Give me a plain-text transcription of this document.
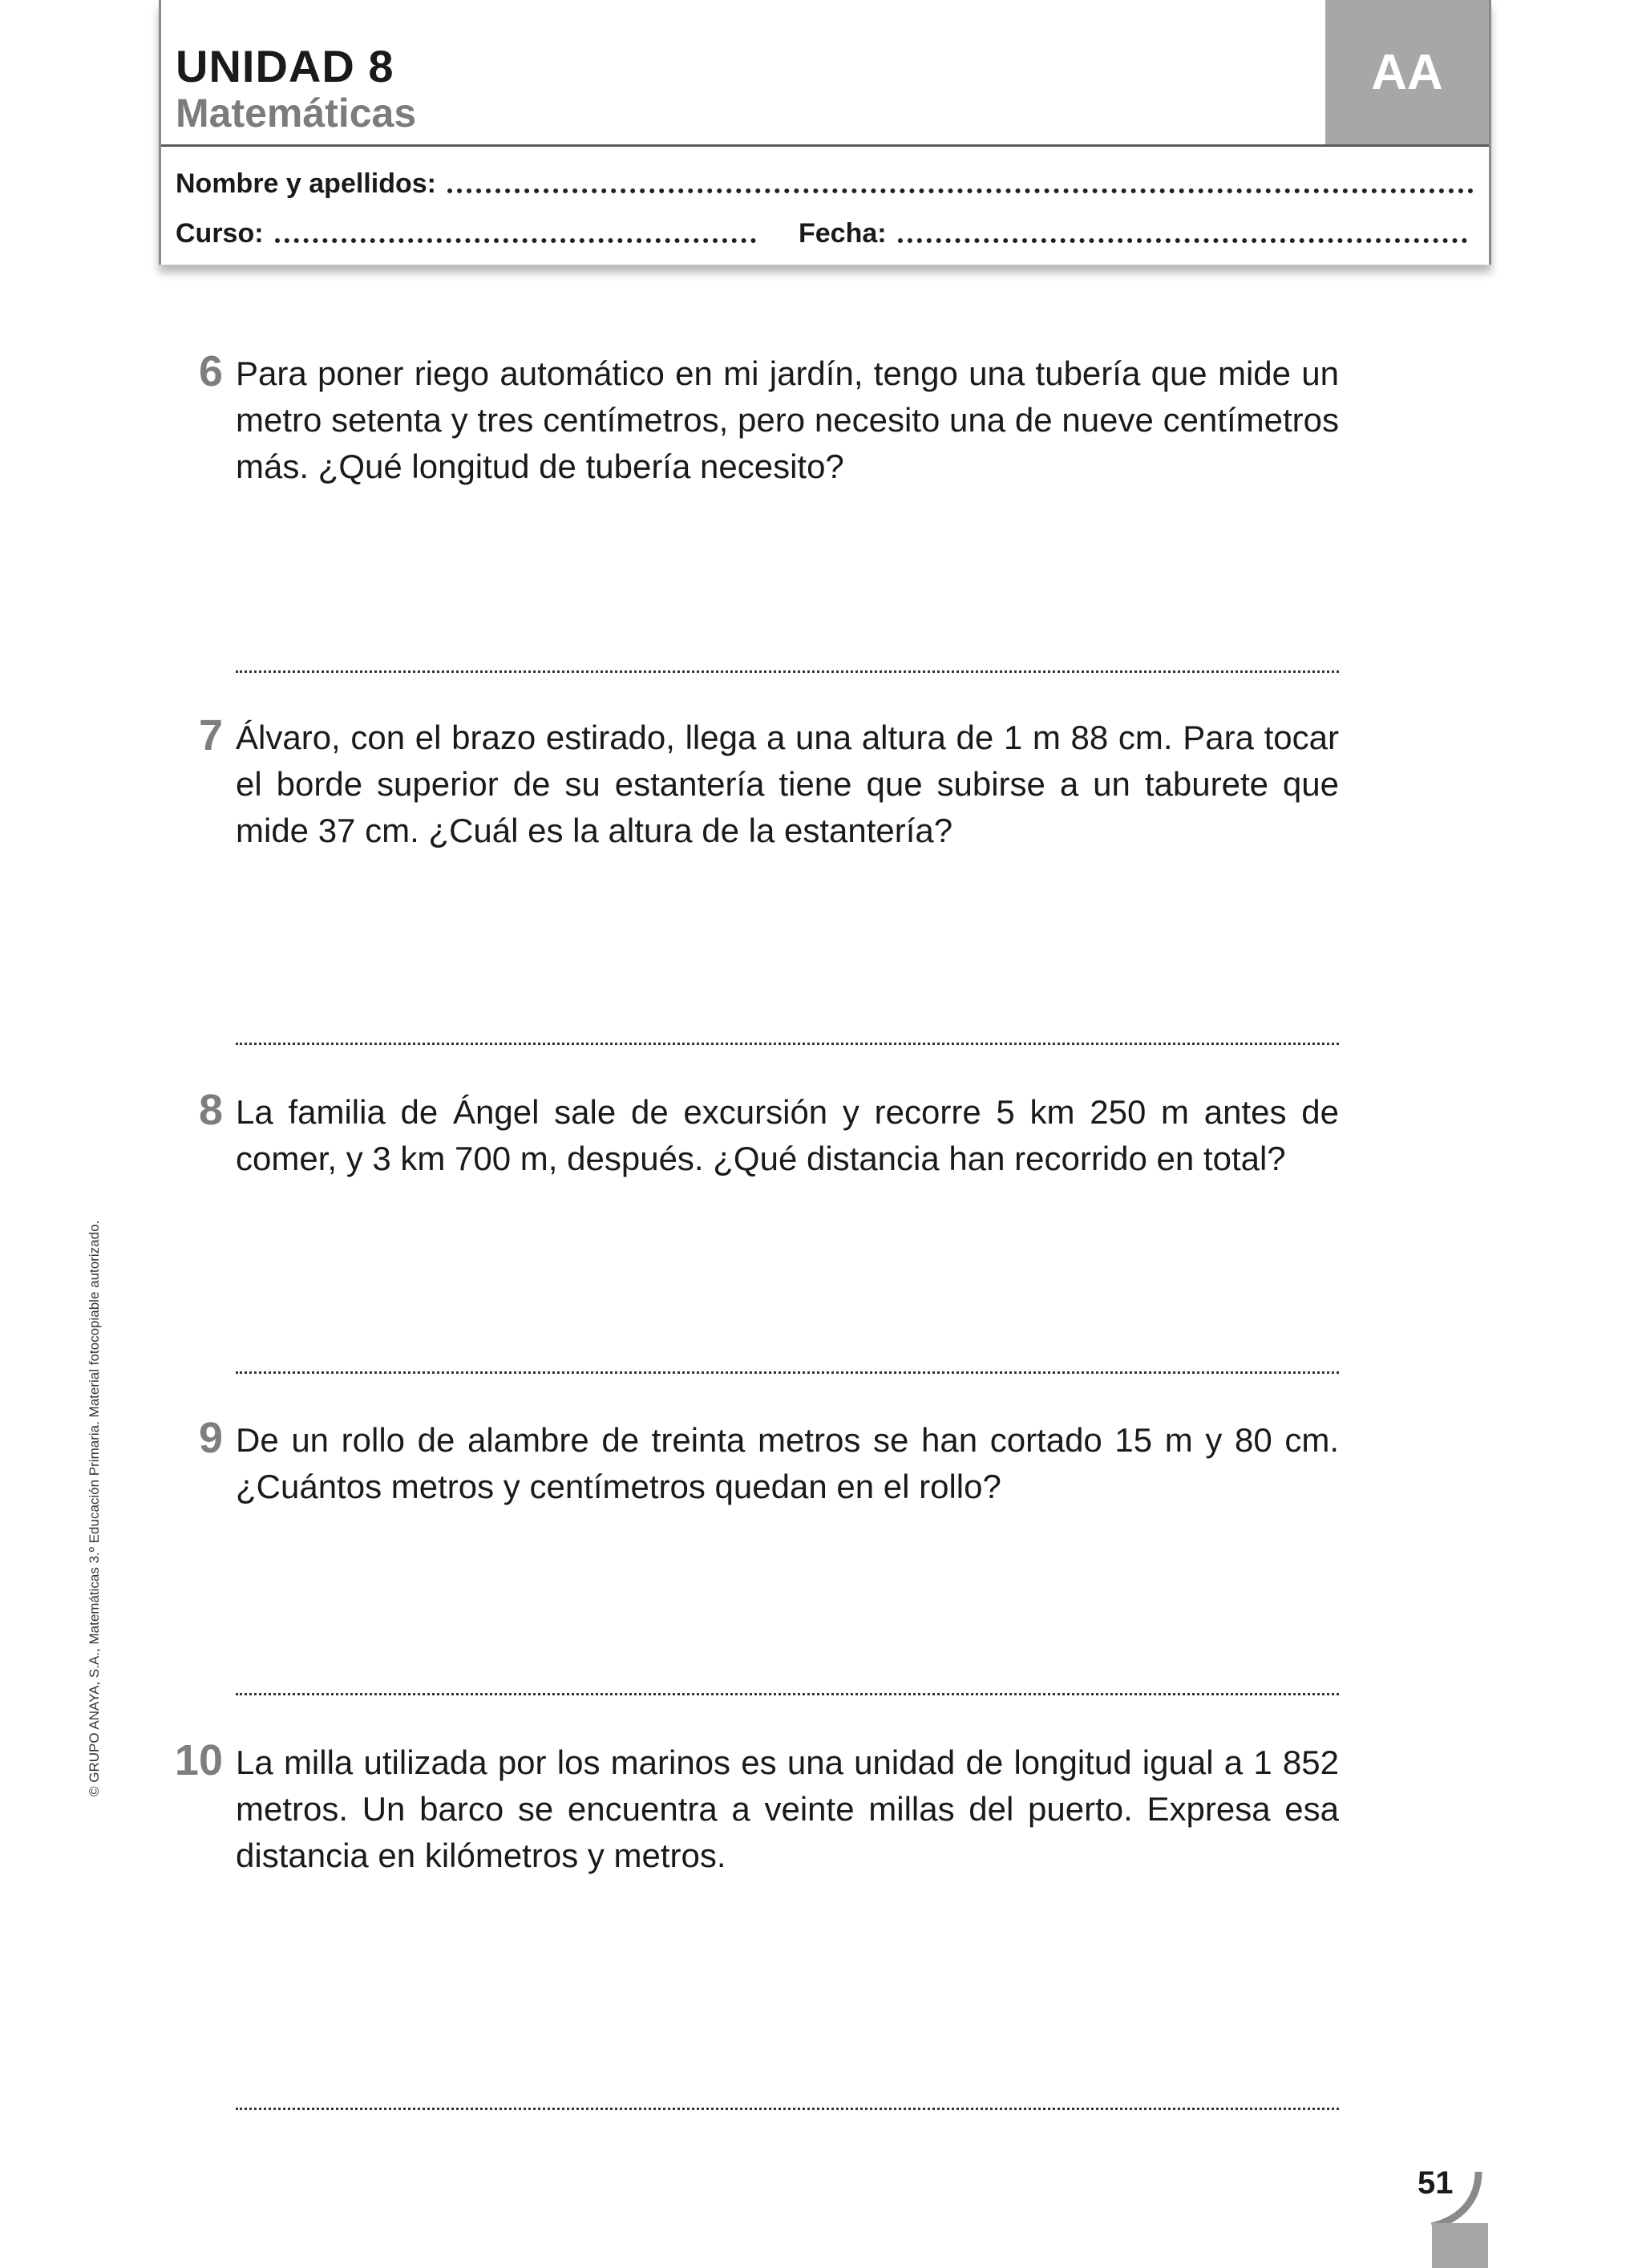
UNIDAD 8
Matemáticas
AA
Nombre y apellidos:
Curso:	Fecha:
6 Para poner riego automático en mi jardín, tengo una tubería que mide un metro setenta y tres centímetros, pero necesito una de nueve centímetros más. ¿Qué longitud de tubería necesito?
7 Álvaro, con el brazo estirado, llega a una altura de 1 m 88 cm. Para tocar el borde superior de su estantería tiene que subirse a un taburete que mide 37 cm. ¿Cuál es la altura de la estantería?
8 La familia de Ángel sale de excursión y recorre 5 km 250 m antes de comer, y 3 km 700 m, después. ¿Qué distancia han recorrido en total?
9 De un rollo de alambre de treinta metros se han cortado 15 m y 80 cm. ¿Cuántos metros y centímetros quedan en el rollo?
10 La milla utilizada por los marinos es una unidad de longitud igual a 1 852 metros. Un barco se encuentra a veinte millas del puerto. Expresa esa distancia en kilómetros y metros.
© GRUPO ANAYA, S.A., Matemáticas 3.º Educación Primaria. Material fotocopiable autorizado.
51
